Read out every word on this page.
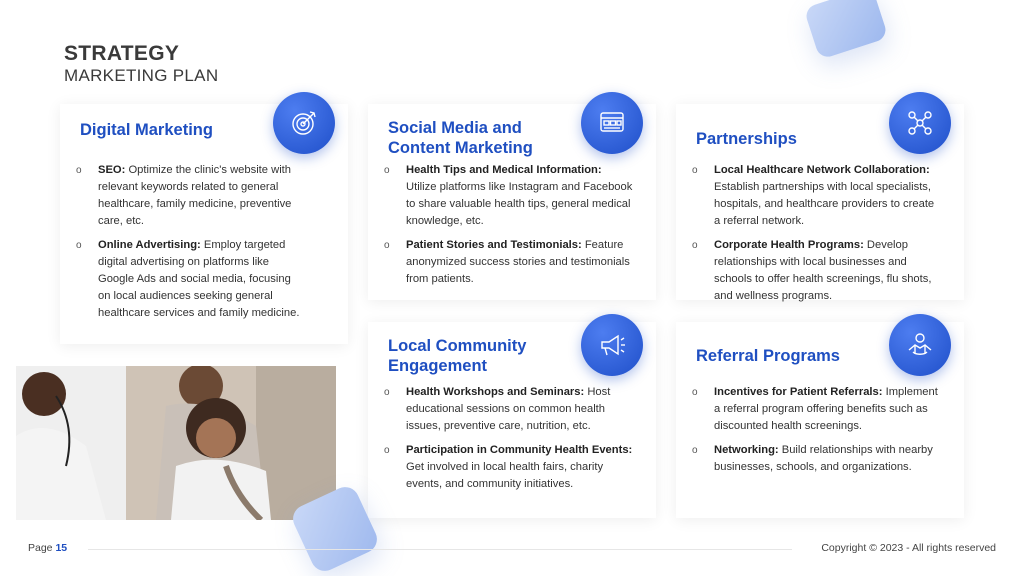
STRATEGY
MARKETING PLAN
Digital Marketing
o SEO: Optimize the clinic's website with relevant keywords related to general healthcare, family medicine, preventive care, etc.
o Online Advertising: Employ targeted digital advertising on platforms like Google Ads and social media, focusing on local audiences seeking general healthcare services and family medicine.
Social Media and Content Marketing
o Health Tips and Medical Information: Utilize platforms like Instagram and Facebook to share valuable health tips, general medical knowledge, etc.
o Patient Stories and Testimonials: Feature anonymized success stories and testimonials from patients.
Partnerships
o Local Healthcare Network Collaboration: Establish partnerships with local specialists, hospitals, and healthcare providers to create a referral network.
o Corporate Health Programs: Develop relationships with local businesses and schools to offer health screenings, flu shots, and wellness programs.
Local Community Engagement
o Health Workshops and Seminars: Host educational sessions on common health issues, preventive care, nutrition, etc.
o Participation in Community Health Events: Get involved in local health fairs, charity events, and community initiatives.
Referral Programs
o Incentives for Patient Referrals: Implement a referral program offering benefits such as discounted health screenings.
o Networking: Build relationships with nearby businesses, schools, and organizations.
Page 15	Copyright © 2023 - All rights reserved
